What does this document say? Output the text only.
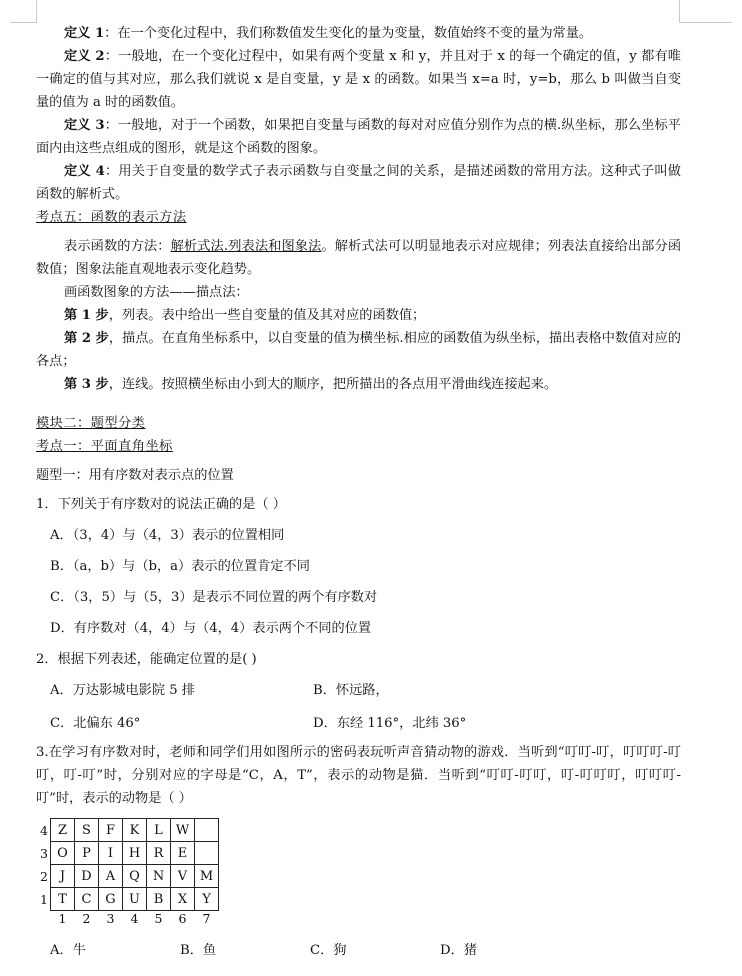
定义 1：在一个变化过程中，我们称数值发生变化的量为变量，数值始终不变的量为常量。

定义 2：一般地，在一个变化过程中，如果有两个变量 x 和 y，并且对于 x 的每一个确定的值，y 都有唯一确定的值与其对应，那么我们就说 x 是自变量，y 是 x 的函数。如果当 x=a 时，y=b，那么 b 叫做当自变量的值为 a 时的函数值。

定义 3：一般地，对于一个函数，如果把自变量与函数的每对对应值分别作为点的横.纵坐标，那么坐标平面内由这些点组成的图形，就是这个函数的图象。

定义 4：用关于自变量的数学式子表示函数与自变量之间的关系，是描述函数的常用方法。这种式子叫做函数的解析式。

考点五：函数的表示方法

表示函数的方法：解析式法.列表法和图象法。解析式法可以明显地表示对应规律；列表法直接给出部分函数值；图象法能直观地表示变化趋势。

画函数图象的方法——描点法：

第 1 步，列表。表中给出一些自变量的值及其对应的函数值；

第 2 步，描点。在直角坐标系中，以自变量的值为横坐标.相应的函数值为纵坐标，描出表格中数值对应的各点；

第 3 步，连线。按照横坐标由小到大的顺序，把所描出的各点用平滑曲线连接起来。

模块二：题型分类

考点一：平面直角坐标

题型一：用有序数对表示点的位置

1．下列关于有序数对的说法正确的是（ ）

A．（3，4）与（4，3）表示的位置相同

B．（a，b）与（b，a）表示的位置肯定不同

C．（3，5）与（5，3）是表示不同位置的两个有序数对

D．有序数对（4，4）与（4，4）表示两个不同的位置

2．根据下列表述，能确定位置的是( )

A．万达影城电影院 5 排	B．怀远路，
C．北偏东 46°	D．东经 116°，北纬 36°

3.在学习有序数对时，老师和同学们用如图所示的密码表玩听声音猜动物的游戏．当听到“叮叮-叮，叮叮叮-叮叮，叮-叮”时，分别对应的字母是“C，A，T”，表示的动物是猫．当听到“叮叮-叮叮，叮-叮叮叮，叮叮叮-叮”时，表示的动物是（ ）

4	Z	S	F	K	L	W	
3	O	P	I	H	R	E	
2	J	D	A	Q	N	V	M
1	T	C	G	U	B	X	Y
	1	2	3	4	5	6	7
A．牛	B．鱼	C．狗	D．猪
